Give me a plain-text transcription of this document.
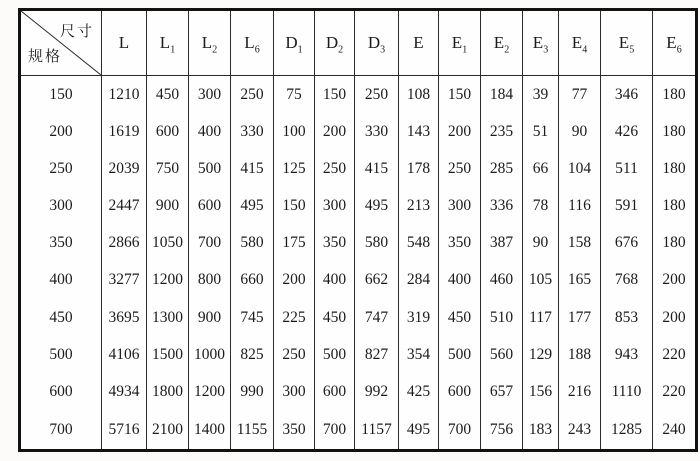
尺寸
规格	L	$L_1$	$L_2$	$L_6$	$D_1$	$D_2$	$D_3$	E	$E_1$	$E_2$	$E_3$	$E_4$	$E_5$	$E_6$
150	1210	450	300	250	75	150	250	108	150	184	39	77	346	180
200	1619	600	400	330	100	200	330	143	200	235	51	90	426	180
250	2039	750	500	415	125	250	415	178	250	285	66	104	511	180
300	2447	900	600	495	150	300	495	213	300	336	78	116	591	180
350	2866	1050	700	580	175	350	580	548	350	387	90	158	676	180
400	3277	1200	800	660	200	400	662	284	400	460	105	165	768	200
450	3695	1300	900	745	225	450	747	319	450	510	117	177	853	200
500	4106	1500	1000	825	250	500	827	354	500	560	129	188	943	220
600	4934	1800	1200	990	300	600	992	425	600	657	156	216	1110	220
700	5716	2100	1400	1155	350	700	1157	495	700	756	183	243	1285	240
